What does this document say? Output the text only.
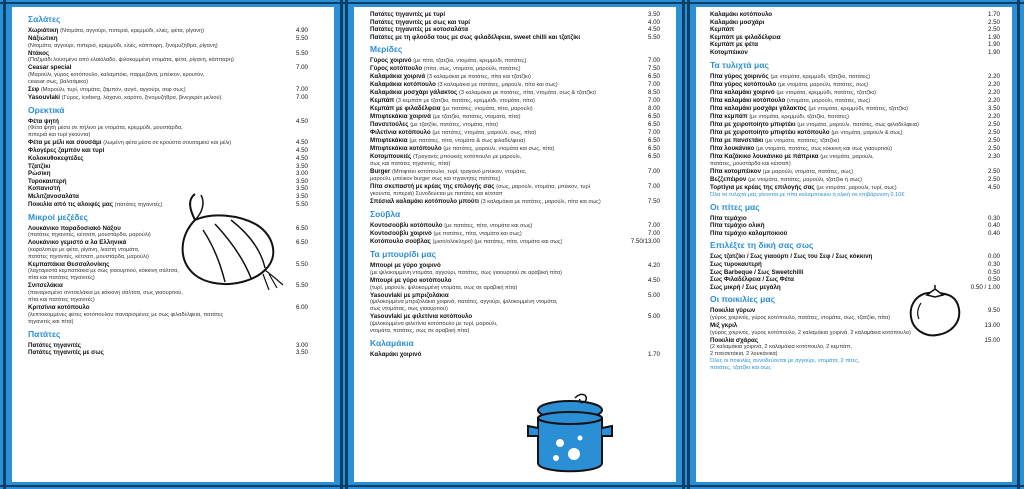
Σαλάτες
Χωριάτικη (Ντομάτα, αγγούρι, πιπεριά, κρεμμύδι, ελιές, φέτα, ρίγανη)	4.90
Νάξιώτικη	5.50
(Ντομάτα, αγγούρι, πιπεριά, κρεμμύδι, ελιές, κάππαρη, ξινομυζήθρα, ρίγανη)
Ντάκος	5.50
(Παξιμάδι λουσμένο από ελαιόλαδο, ψιλοκομμένη ντομάτα, φέτα, ρίγανη, κάππαρη)
Ceasar special	7.00
(Μαρούλι, γύρος κοτόπουλο, καλαμπόκι, παρμεζάνα, μπέικον, κρουτόν,
ceasar σως, βαλσάμικο)
Σεφ (Μαρούλι, τυρί, ντομάτα, ζαμπόν, αυγό, αγγούρι, σεφ σως)	7.00
Yasouvlaki (Γύρος, iceberg, λάχανο, καρότο, ξινομυζήθρα, βινεγκρέτ μελιού)	7.00
Ορεκτικά
Φέτα ψητή	4.50
(Φέτα ψητή μέσα σε πήλινο με ντομάτα, κρεμμύδι, μουστάρδα,
πιπεριά και τυρί γκούντα)
Φέτα με μέλι και σουσάμι (λωμένη φέτα μέσα σε κρούστα σουσαμιού και μέλι)	4.50
Φλογέρες ζαμπόν και τυρί	4.50
Κολοκυθοκεφτέδες	4.50
Τζατζίκι	3.50
Ρώσικη	3.00
Τυροκαυτερή	3.50
Κοπανιστή	3.50
Μελιτζανοσαλάτα	3.50
Ποικιλία από τις αλοιφές μας (πατάτες τηγανιτές)	5.50
Μικροί μεζέδες
Λουκάνικο παραδοσιακό Νάξου	6.50
(πατάτες τηγανιτές, κέτσαπ, μουστάρδα, μαρούλι)
Λουκάνικο γεμιστό α λα Ελληνικά	6.50
(κεφαλοτύρι με φέτα, ρίγανη, λιαστή ντομάτα,
πατάτες τηγανιτές, κέτσαπ, μουστάρδα, μαρούλι)
Κεμπαπάκια Θεσσαλονίκης	5.50
(λαχταριστά κεμπαπάκια με σως γιαουρτιού, κόκκινη σάλτσα,
πίτα και πατάτες τηγανιτές)
Σνιτσελάκια	5.50
(παναρισμένο σνιτσελάκια με κόκκινη σάλτσα, σως γιαουρτιού,
πίτα και πατάτες τηγανιτές)
Κριτσίνια κοτόπουλο	6.00
(λεπτοκομμένες φέτες κοτόπουλου παναρισμένες με σως φιλαδέλφεια, πατάτες
τηγανιτές και πίτα)
Πατάτες
Πατάτες τηγανιτές	3.00
Πατάτες τηγανιτές με σως	3.50
Πατάτες τηγανιτές με τυρί	3.50
Πατάτες τηγανιτές με σως και τυρί	4.00
Πατάτες τηγανιτές με κοτοσαλάτα	4.50
Πατάτες με τη φλούδα τους με σως φιλαδέλφεια, sweet chilli και τζατζίκι	5.50
Μερίδες
Γύρος χοιρινό (με πίτα, τζατζίκι, ντομάτα, κρεμμύδι, πατάτες)	7.00
Γύρος κοτόπουλο (πίτα, σως, ντομάτα, μαρούλι, πατάτες)	7.50
Καλαμάκια χοιρινά (3 καλαμάκια με πατάτες, πίτα και τζατζίκι)	6.50
Καλαμάκια κοτόπουλο (3 καλαμάκια με πατάτες, μαρούλι, πίτα και σως)	7.00
Καλαμάκια μοσχάρι γάλακτος (3 καλαμάκια με πατάτες, πίτα, ντομάτα, σως & τζατζίκι)	8.50
Κεμπάπ (3 κεμπάπ με τζατζίκι, πατάτες, κρεμμύδι, ντομάτα, πίτα)	7.00
Κεμπάπ με φιλαδέλφεια (με πατάτες, ντομάτα, πίτα, μαρούλι)	8.00
Μπιφτεκάκια χοιρινά (με τζατζίκι, πατάτες, ντομάτα, πίτα)	6.50
Πανσετούλες (με τζατζίκι, πατάτες, ντομάτα, πίτα)	6.50
Φιλετίνια κοτόπουλο (με πατάτες, ντομάτα, μαρούλι, σως, πίτα)	7.00
Μπιφτεκάκια (με πατάτες, πίτα, ντομάτα & σως φιλαδέλφεια)	6.50
Μπιφτεκάκια κοτόπουλο (με πατάτες, μαρούλι, ντομάτα και σως, πίτα)	6.50
Κοτομπουκιές (Τραγανές μπουκιές κοτόπουλο με μαρούλι,	6.50
σως και πατάτες τηγανιτές, πίτα)
Burger (Μπιφτέκι κοτόπουλο, τυρί, τραγανό μπέικον, ντομάτα,	7.00
μαρούλι, μπέικον burger σως και τηγανητές πατάτες)
Πίτα σκεπαστή με κρέας της επιλογής σας (σως, μαρούλι, ντομάτα, μπέικον, τυρί	7.00
γκούντα, πιπεριά) Συνοδεύεται με πατάτες και κέτσαπ
Σπέσιαλ καλαμάκι κοτόπουλο μπούτι (3 καλαμάκια με πατάτες, μαρούλι, πίτα και σως)	7.50
Σούβλα
Κοντοσούβλι κοτόπουλο (με πατάτες, πίτα, ντομάτα και σως)	7.00
Κοντοσούβλι χοιρινό (με πατάτες, πίτα, ντομάτα και σως)	7.00
Κοτόπουλο σούβλας (μισό/ολόκληρο) (με πατάτες, πίτα, ντομάτα και σως)	7.50/13.00
Τα μπουρίδι μας
Μπουρί με γύρο χοιρινό	4.20
(με ψιλοκομμένη ντομάτα, αγγούρι, πατάτες, σως γιαουρτιού σε αραβική πίτα)
Μπουρί με γύρο κοτόπουλο	4.50
(τυρί, μαρούλι, ψιλοκομμένη ντομάτα, σως σε αραβική πίτα)
Yasouvlaki με μπριζολάκια	5.00
(ψιλοκομμένα μπριζολάκια χοιρινά, πατάτες, αγγούρι, ψιλοκομμένη ντομάτα,
σως ντομάτας, σως γιαουρτιού)
Yasouvlaki με φιλετίνια κοτόπουλο	5.00
(ψιλοκομμένα φιλετίνια κοτόπουλο με τυρί, μαρούλι,
ντομάτα, πατάτες, σως σε αραβική πίτα)
Καλαμάκια
Καλαμάκι χοιρινό	1.70
Καλαμάκι κοτόπουλο	1.70
Καλαμάκι μοσχάρι	2.50
Κεμπάπ	2.50
Κεμπάπ με φιλαδέλφεια	1.90
Κεμπάπ με φέτα	1.90
Κοτομπέικον	1.90
Τα τυλιχτά μας
Πίτα γύρος χοιρινός (με ντομάτα, κρεμμύδι, τζατζίκι, πατάτες)	2.20
Πίτα γύρος κοτόπουλο (με ντομάτα, μαρούλι, πατάτες, σως)	2.20
Πίτα καλαμάκι χοιρινό (με ντομάτα, κρεμμύδι, πατάτες, τζατζίκι)	2.20
Πίτα καλαμάκι κοτόπουλο (ντομάτα, μαρούλι, πατάτες, σως)	2.20
Πίτα καλαμάκι μοσχάρι γάλακτος (με ντομάτα, κρεμμύδι, πατάτες, τζατζίκι)	3.50
Πίτα κεμπάπ (με ντομάτα, κρεμμύδι, τζατζίκι, πατάτες)	2.20
Πίτα με χειροποίητο μπιφτέκι (με ντομάτα, μαρούλι, πατάτες, σως φιλαδέλφεια)	2.50
Πίτα με χειροποίητο μπιφτέκι κοτόπουλο (με ντομάτα, μαρούλι & σως)	2.50
Πίτα με πανσετάκι (με ντομάτα, πατάτες, τζατζίκι)	2.50
Πίτα λουκάνικο (με ντομάτα, πατάτες, σως κόκκινη και σως γιαουρτιού)	2.50
Πίτα Καζάκικο λουκάνικο με πάπρικα (με ντομάτα, μαρούλι,	2.30
πατάτες, μουστάρδα και κέτσαπ)
Πίτα κοτομπέικον (με μαρούλι, ντομάτα, πατάτες, σως)	2.50
Βεζζεπέιρον (με ντομάτα, πατάτες, μαρούλι, τζατζίκι ή σως)	2.50
Τορτίγια με κρέας της επιλογής σας (με ντομάτα, μαρούλι, τυρί, σως)	4.50
Όλα τα τυλιχτά μας γίνονται με πίτα καλαμποκιού ή ολική σε επιβάρυνση 0.10€
Οι πίτες μας
Πίτα τεμάχιο	0.30
Πίτα τεμάχιο ολική	0.40
Πίτα τεμάχιο καλαμποκιού	0.40
Επιλέξτε τη δική σας σως
Σως τζατζίκι / Σως γιαούρτι / Σως του Σεφ / Σως κόκκινη	0.00
Σως τυροκαυτερή	0.30
Σως Barbeque / Σως Sweetchilli	0.50
Σως Φιλαδέλφεια / Σως Φέτα	0.50
Σως μικρή / Σως μεγάλη	0.50 / 1.00
Οι ποικιλίες μας
Ποικιλία γύρων	9.50
(γύρος χοιρινός, γύρος κοτόπουλο, πατάτες, ντομάτα, σως, τζατζίκι, πίτα)
Μιξ γκριλ	13.00
(γύρος χοιρινός, γύρος κοτόπουλο, 2 καλαμάκια χοιρινά, 2 καλαμάκια κοτόπουλο)
Ποικιλία σχάρας	15.00
(2 καλαμάκια χοιρινά, 2 καλαμάκια κοτόπουλο, 2 κεμπάπ,
2 πανσετάκια, 2 λουκάνικα)
Όλες οι ποικιλίες συνοδεύονται με αγγούρι, ντομάτα, 2 πίτες,
πατάτες, τζατζίκι και σως
